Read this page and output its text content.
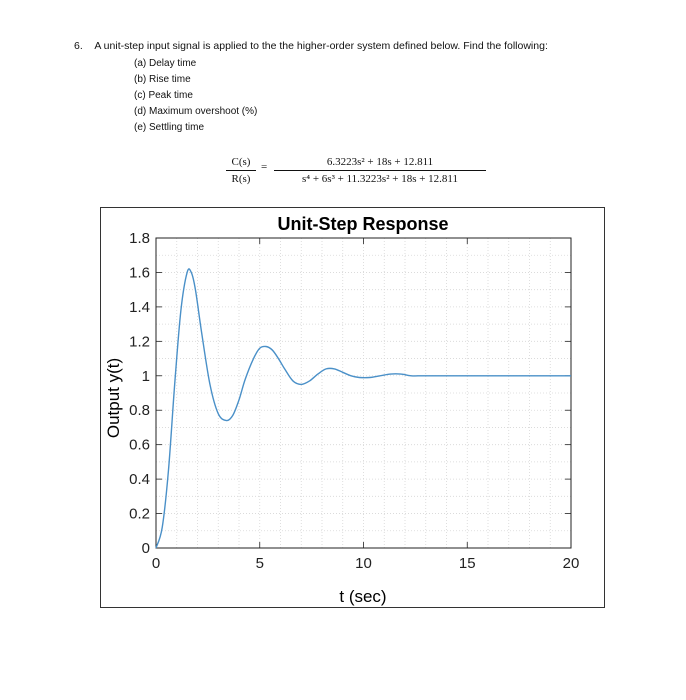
6. A unit-step input signal is applied to the the higher-order system defined below. Find the following:
(a) Delay time
(b) Rise time
(c) Peak time
(d) Maximum overshoot (%)
(e) Settling time
C(s)
R(s)
=	6.3223s² + 18s + 12.811
s⁴ + 6s³ + 11.3223s² + 18s + 12.811
0	5	10	15	20
0
0.2
0.4
0.6
0.8
1
1.2
1.4
1.6
1.8
Unit-Step Response
t (sec)
Output y(t)
